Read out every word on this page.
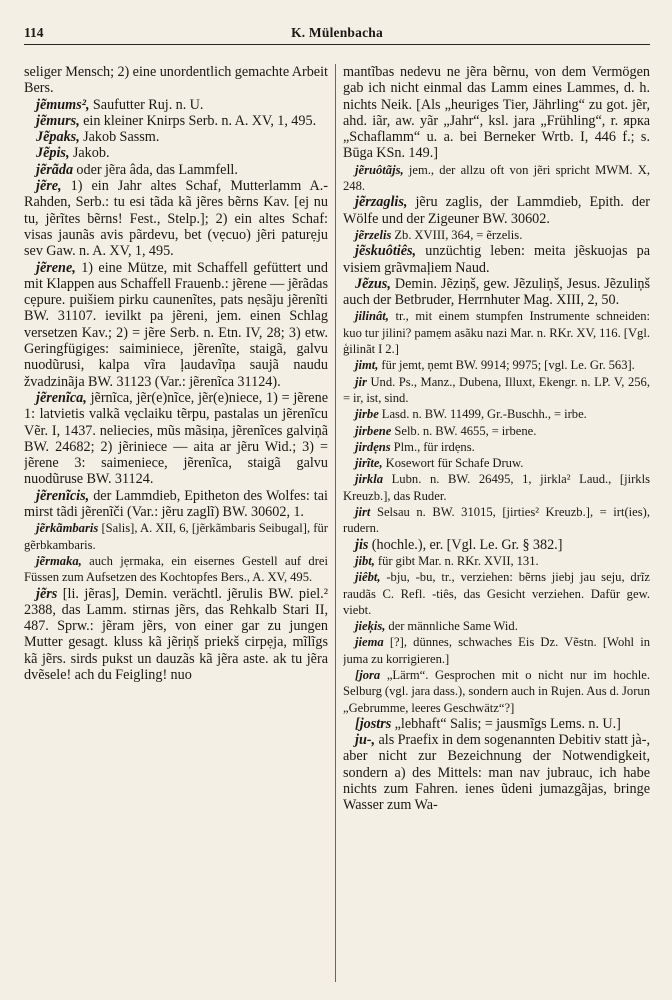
114	K. Mülenbacha

seliger Mensch; 2) eine unordentlich gemachte Arbeit Bers.

jẽmums², Saufutter Ruj. n. U.

jẽmurs, ein kleiner Knirps Serb. n. A. XV, 1, 495.

Jẽpaks, Jakob Sassm.

Jẽpis, Jakob.

jẽrãda oder jẽra âda, das Lammfell.

jẽre, 1) ein Jahr altes Schaf, Mutterlamm A.-Rahden, Serb.: tu esi tãda kã jẽres bẽrns Kav. [ej nu tu, jẽrĩtes bẽrns! Fest., Stelp.]; 2) ein altes Schaf: visas jaunãs avis pãrdevu, bet (vẹcuo) jẽri paturẹju sev Gaw. n. A. XV, 1, 495.

jẽrene, 1) eine Mütze, mit Schaffell gefüttert und mit Klappen aus Schaffell Frauenb.: jẽrene — jẽrãdas cẹpure. puišiem pirku caunenĩtes, pats nẹsãju jẽrenĩti BW. 31107. ievilkt pa jẽreni, jem. einen Schlag versetzen Kav.; 2) = jẽre Serb. n. Etn. IV, 28; 3) etw. Geringfügiges: saiminiece, jẽrenĩte, staigã, galvu nuodũrusi, kalpa vĩra ļaudavĩņa saujã naudu žvadzinãja BW. 31123 (Var.: jẽrenĩca 31124).

jẽrenĩca, jẽrnĩca, jẽr(e)nĩce, jẽr(e)niece, 1) = jẽrene 1: latvietis valkã vẹclaiku tẽrpu, pastalas un jẽrenĩcu Vẽr. I, 1437. neliecies, mũs mãsiņa, jẽrenĩces galviņã BW. 24682; 2) jẽriniece — aita ar jẽru Wid.; 3) = jẽrene 3: saimeniece, jẽrenĩca, staigã galvu nuodũruse BW. 31124.

jẽrenĩcis, der Lammdieb, Epitheton des Wolfes: tai mirst tãdi jẽrenĩči (Var.: jẽru zaglĩ) BW. 30602, 1.

jẽrkãmbaris [Salis], A. XII, 6, [jẽrkãmbaris Seibugal], für gẽrbkambaris.

jẽrmaka, auch jẹrmaka, ein eisernes Gestell auf drei Füssen zum Aufsetzen des Kochtopfes Bers., A. XV, 495.

jẽrs [li. jẽras], Demin. verächtl. jẽrulis BW. piel.² 2388, das Lamm. stirnas jẽrs, das Rehkalb Stari II, 487. Sprw.: jẽram jẽrs, von einer gar zu jungen Mutter gesagt. kluss kã jẽriņš priekš cirpẹja, mĩlĩgs kã jẽrs. sirds pukst un dauzãs kã jẽra aste. ak tu jẽra dvẽsele! ach du Feigling! nuo

mantĩbas nedevu ne jẽra bẽrnu, von dem Vermögen gab ich nicht einmal das Lamm eines Lammes, d. h. nichts Neik. [Als „heuriges Tier, Jährling“ zu got. jẽr, ahd. iãr, aw. yãr „Jahr“, ksl. jara „Frühling“, r. ярка „Schaflamm“ u. a. bei Berneker Wrtb. I, 446 f.; s. Būga KSn. 149.]

jẽruôtãjs, jem., der allzu oft von jẽri spricht MWM. X, 248.

jẽrzaglis, jẽru zaglis, der Lammdieb, Epith. der Wölfe und der Zigeuner BW. 30602.

jẽrzelis Zb. XVIII, 364, = ẽrzelis.

jẽskuôtiês, unzüchtig leben: meita jẽskuojas pa visiem grãvmaļiem Naud.

Jẽzus, Demin. Jẽziņš, gew. Jẽzuliņš, Jesus. Jẽzuliņš auch der Betbruder, Herrnhuter Mag. XIII, 2, 50.

jilinât, tr., mit einem stumpfen Instrumente schneiden: kuo tur jilini? pamẹm asãku nazi Mar. n. RKr. XV, 116. [Vgl. ģilinãt I 2.]

jimt, für jemt, ņemt BW. 9914; 9975; [vgl. Le. Gr. 563].

jir Und. Ps., Manz., Dubena, Illuxt, Ekengr. n. LP. V, 256, = ir, ist, sind.

jirbe Lasd. n. BW. 11499, Gr.-Buschh., = irbe.

jirbene Selb. n. BW. 4655, = irbene.

jirdẹns Plm., für irdẹns.

jirĩte, Kosewort für Schafe Druw.

jirkla Lubn. n. BW. 26495, 1, jirkla² Laud., [jirkls Kreuzb.], das Ruder.

jirt Selsau n. BW. 31015, [jirties² Kreuzb.], = irt(ies), rudern.

jis (hochle.), er. [Vgl. Le. Gr. § 382.]

jibt, für gibt Mar. n. RKr. XVII, 131.

jiêbt, -bju, -bu, tr., verziehen: bẽrns jiebj jau seju, drĩz raudãs C. Refl. -tiês, das Gesicht verziehen. Dafür gew. viebt.

jieķis, der männliche Same Wid.

jiema [?], dünnes, schwaches Eis Dz. Vẽstn. [Wohl in juma zu korrigieren.]

[jora „Lärm“. Gesprochen mit o nicht nur im hochle. Selburg (vgl. jara dass.), sondern auch in Rujen. Aus d. Jorun „Gebrumme, leeres Geschwätz“?]

[jostrs „lebhaft“ Salis; = jausmĩgs Lems. n. U.]

ju-, als Praefix in dem sogenannten Debitiv statt jà-, aber nicht zur Bezeichnung der Notwendigkeit, sondern a) des Mittels: man nav jubrauc, ich habe nichts zum Fahren. ienes ũdeni jumazgãjas, bringe Wasser zum Wa-
